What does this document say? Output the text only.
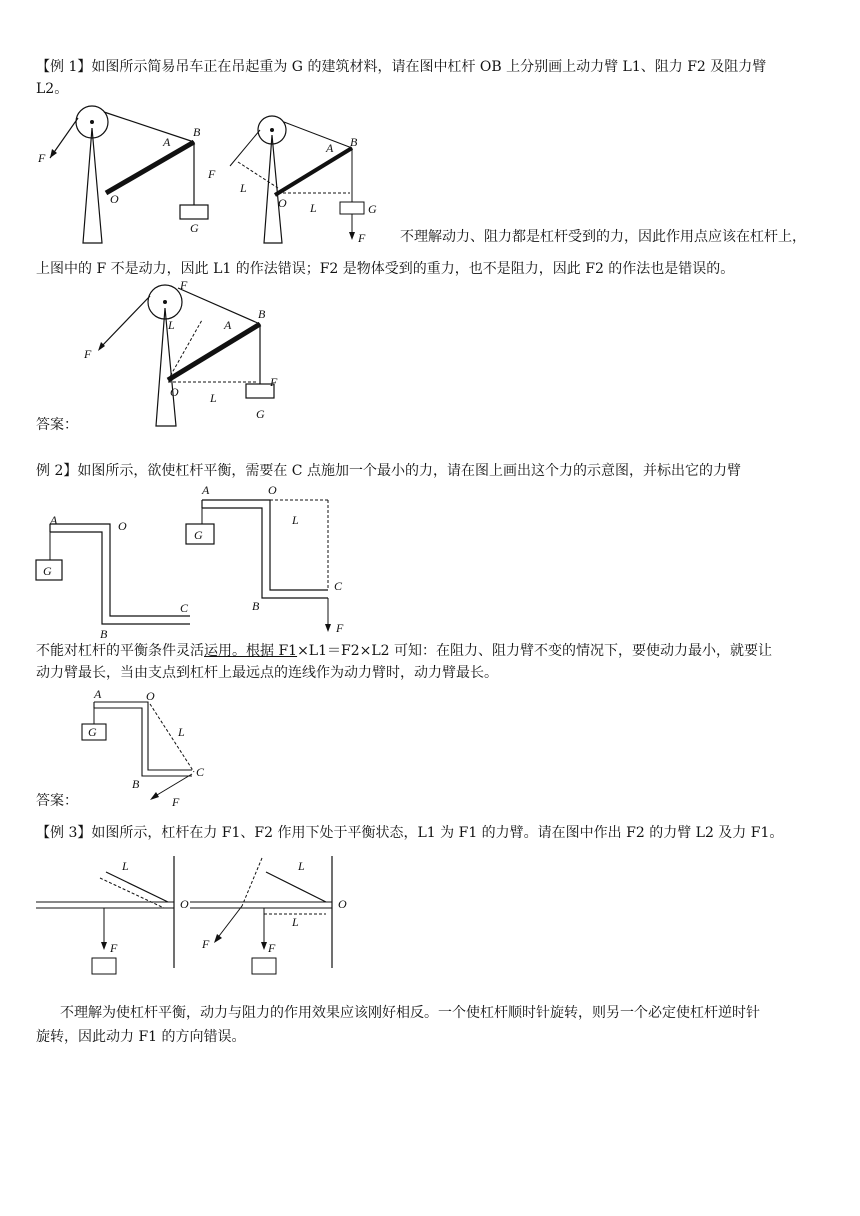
【例 1】如图所示简易吊车正在吊起重为 G 的建筑材料，请在图中杠杆 OB 上分别画上动力臂 L1、阻力 F2 及阻力臂
L2。
F
O
A
B
G
F
L
O
A B
G
L
F 不理解动力、阻力都是杠杆受到的力，因此作用点应该在杠杆上，
上图中的 F 不是动力，因此 L1 的作法错误；F2 是物体受到的重力，也不是阻力，因此 F2 的作法也是错误的。
F
F
L	A
B
O	L
F
G
答案：
例 2】如图所示，欲使杠杆平衡，需要在 C 点施加一个最小的力，请在图上画出这个力的示意图，并标出它的力臂
A	O
C
B
G
A	O
L
C
B
G
F
不能对杠杆的平衡条件灵活运用。根据 F1×L1＝F2×L2 可知：在阻力、阻力臂不变的情况下，要使动力最小，就要让
动力臂最长，当由支点到杠杆上最远点的连线作为动力臂时，动力臂最长。
A	O
L
C
B
G
F
答案：
【例 3】如图所示，杠杆在力 F1、F2 作用下处于平衡状态，L1 为 F1 的力臂。请在图中作出 F2 的力臂 L2 及力 F1。
L
O
F
L
O
F	F
L
不理解为使杠杆平衡，动力与阻力的作用效果应该刚好相反。一个使杠杆顺时针旋转，则另一个必定使杠杆逆时针
旋转，因此动力 F1 的方向错误。
